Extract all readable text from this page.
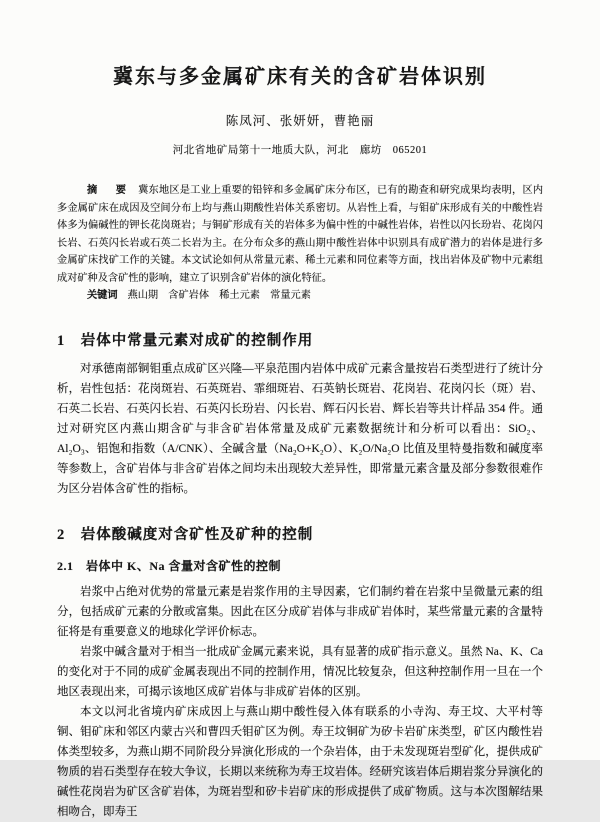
冀东与多金属矿床有关的含矿岩体识别

陈凤河、张妍妍，曹艳丽

河北省地矿局第十一地质大队，河北　廊坊　065201

摘　要 冀东地区是工业上重要的铅锌和多金属矿床分布区，已有的勘查和研究成果均表明，区内多金属矿床在成因及空间分布上均与燕山期酸性岩体关系密切。从岩性上看，与钼矿床形成有关的中酸性岩体多为偏碱性的钾长花岗斑岩；与铜矿形成有关的岩体多为偏中性的中碱性岩体，岩性以闪长玢岩、花岗闪长岩、石英闪长岩或石英二长岩为主。在分布众多的燕山期中酸性岩体中识别具有成矿潜力的岩体是进行多金属矿床找矿工作的关键。本文试论如何从常量元素、稀土元素和同位素等方面，找出岩体及矿物中元素组成对矿种及含矿性的影响，建立了识别含矿岩体的演化特征。

关键词 燕山期　含矿岩体　稀土元素　常量元素

1　岩体中常量元素对成矿的控制作用

对承德南部铜钼重点成矿区兴隆—平泉范围内岩体中成矿元素含量按岩石类型进行了统计分析，岩性包括：花岗斑岩、石英斑岩、霏细斑岩、石英钠长斑岩、花岗岩、花岗闪长（斑）岩、石英二长岩、石英闪长岩、石英闪长玢岩、闪长岩、辉石闪长岩、辉长岩等共计样品 354 件。通过对研究区内燕山期含矿与非含矿岩体常量及成矿元素数据统计和分析可以看出：SiO₂、Al₂O₃、铝饱和指数（A/CNK）、全碱含量（Na₂O+K₂O）、K₂O/Na₂O 比值及里特曼指数和碱度率等参数上，含矿岩体与非含矿岩体之间均未出现较大差异性，即常量元素含量及部分参数很难作为区分岩体含矿性的指标。

2　岩体酸碱度对含矿性及矿种的控制
2.1　岩体中 K、Na 含量对含矿性的控制

岩浆中占绝对优势的常量元素是岩浆作用的主导因素，它们制约着在岩浆中呈微量元素的组分，包括成矿元素的分散或富集。因此在区分成矿岩体与非成矿岩体时，某些常量元素的含量特征将是有重要意义的地球化学评价标志。

岩浆中碱含量对于相当一批成矿金属元素来说，具有显著的成矿指示意义。虽然 Na、K、Ca 的变化对于不同的成矿金属表现出不同的控制作用，情况比较复杂，但这种控制作用一旦在一个地区表现出来，可揭示该地区成矿岩体与非成矿岩体的区别。

本文以河北省境内矿床成因上与燕山期中酸性侵入体有联系的小寺沟、寿王坟、大平村等铜、钼矿床和邻区内蒙古兴和曹四夭钼矿区为例。寿王坟铜矿为矽卡岩矿床类型，矿区内酸性岩体类型较多，为燕山期不同阶段分异演化形成的一个杂岩体，由于未发现斑岩型矿化，提供成矿物质的岩石类型存在较大争议，长期以来统称为寿王坟岩体。经研究该岩体后期岩浆分异演化的碱性花岗岩为矿区含矿岩体，为斑岩型和矽卡岩矿床的形成提供了成矿物质。这与本次图解结果相吻合，即寿王
